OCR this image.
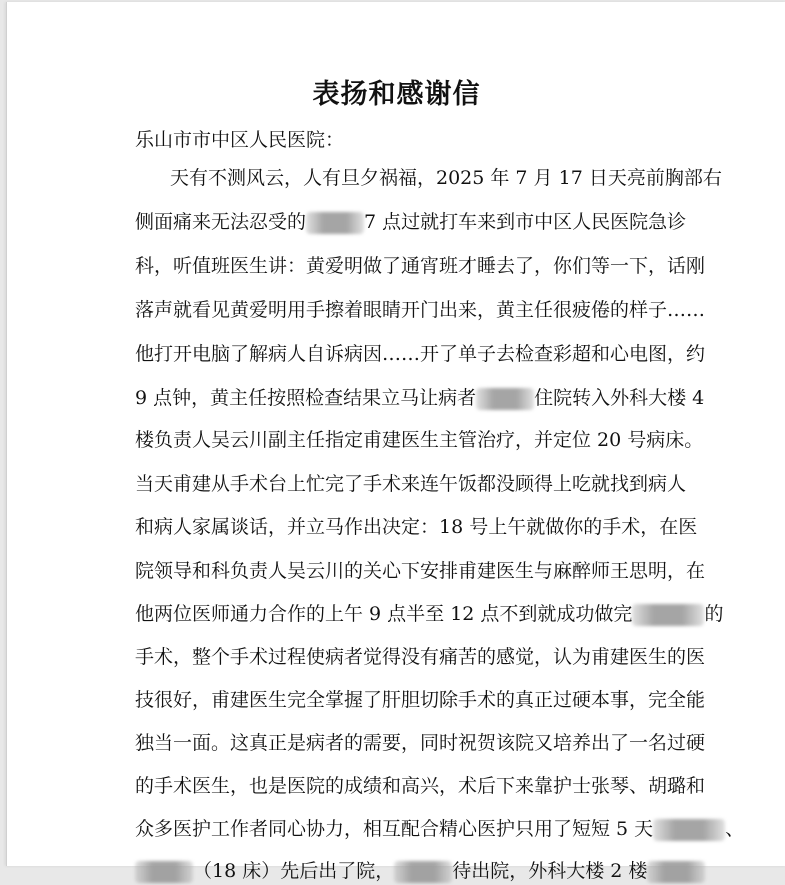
表扬和感谢信
乐山市市中区人民医院：
天有不测风云，人有旦夕祸福，2025 年 7 月 17 日天亮前胸部右
侧面痛来无法忍受的	7 点过就打车来到市中区人民医院急诊
科，听值班医生讲：黄爱明做了通宵班才睡去了，你们等一下，话刚
落声就看见黄爱明用手擦着眼睛开门出来，黄主任很疲倦的样子……
他打开电脑了解病人自诉病因……开了单子去检查彩超和心电图，约
9 点钟，黄主任按照检查结果立马让病者	住院转入外科大楼 4
楼负责人吴云川副主任指定甫建医生主管治疗，并定位 20 号病床。
当天甫建从手术台上忙完了手术来连午饭都没顾得上吃就找到病人
和病人家属谈话，并立马作出决定：18 号上午就做你的手术，在医
院领导和科负责人吴云川的关心下安排甫建医生与麻醉师王思明，在
他两位医师通力合作的上午 9 点半至 12 点不到就成功做完	的
手术，整个手术过程使病者觉得没有痛苦的感觉，认为甫建医生的医
技很好，甫建医生完全掌握了肝胆切除手术的真正过硬本事，完全能
独当一面。这真正是病者的需要，同时祝贺该院又培养出了一名过硬
的手术医生，也是医院的成绩和高兴，术后下来靠护士张琴、胡璐和
众多医护工作者同心协力，相互配合精心医护只用了短短 5 天	、
（18 床）先后出了院，	待出院，外科大楼 2 楼
